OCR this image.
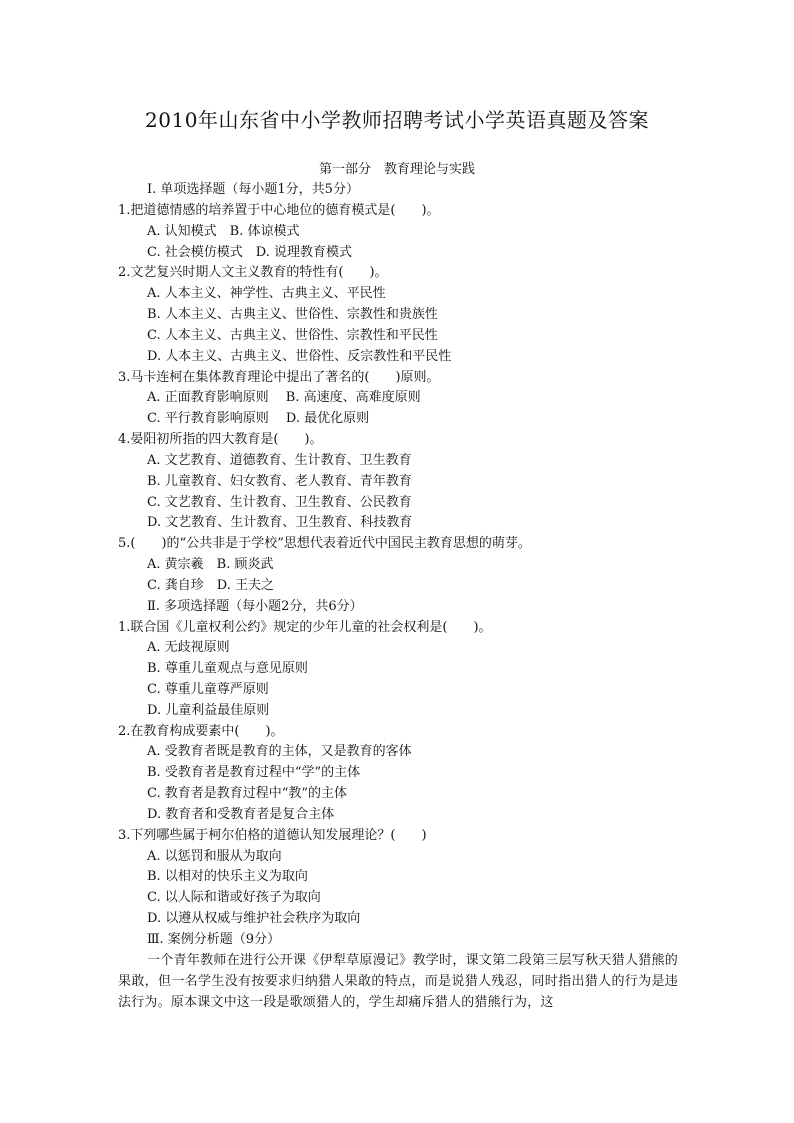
2010年山东省中小学教师招聘考试小学英语真题及答案
第一部分　教育理论与实践
Ⅰ. 单项选择题（每小题1分，共5分）
1.把道德情感的培养置于中心地位的德育模式是(　　)。
A. 认知模式　B. 体谅模式
C. 社会模仿模式　D. 说理教育模式
2.文艺复兴时期人文主义教育的特性有(　　)。
A. 人本主义、神学性、古典主义、平民性
B. 人本主义、古典主义、世俗性、宗教性和贵族性
C. 人本主义、古典主义、世俗性、宗教性和平民性
D. 人本主义、古典主义、世俗性、反宗教性和平民性
3.马卡连柯在集体教育理论中提出了著名的(　　)原则。
A. 正面教育影响原则　 B. 高速度、高难度原则
C. 平行教育影响原则　 D. 最优化原则
4.晏阳初所指的四大教育是(　　)。
A. 文艺教育、道德教育、生计教育、卫生教育
B. 儿童教育、妇女教育、老人教育、青年教育
C. 文艺教育、生计教育、卫生教育、公民教育
D. 文艺教育、生计教育、卫生教育、科技教育
5.(　　)的“公共非是于学校”思想代表着近代中国民主教育思想的萌芽。
A. 黄宗羲　B. 顾炎武
C. 龚自珍　D. 王夫之
Ⅱ. 多项选择题（每小题2分，共6分）
1.联合国《儿童权利公约》规定的少年儿童的社会权利是(　　)。
A. 无歧视原则
B. 尊重儿童观点与意见原则
C. 尊重儿童尊严原则
D. 儿童利益最佳原则
2.在教育构成要素中(　　)。
A. 受教育者既是教育的主体，又是教育的客体
B. 受教育者是教育过程中“学”的主体
C. 教育者是教育过程中“教”的主体
D. 教育者和受教育者是复合主体
3.下列哪些属于柯尔伯格的道德认知发展理论？(　　)
A. 以惩罚和服从为取向
B. 以相对的快乐主义为取向
C. 以人际和谐或好孩子为取向
D. 以遵从权威与维护社会秩序为取向
Ⅲ. 案例分析题（9分）
一个青年教师在进行公开课《伊犁草原漫记》教学时，课文第二段第三层写秋天猎人猎熊的果敢，但一名学生没有按要求归纳猎人果敢的特点，而是说猎人残忍，同时指出猎人的行为是违法行为。原本课文中这一段是歌颂猎人的，学生却痛斥猎人的猎熊行为，这
